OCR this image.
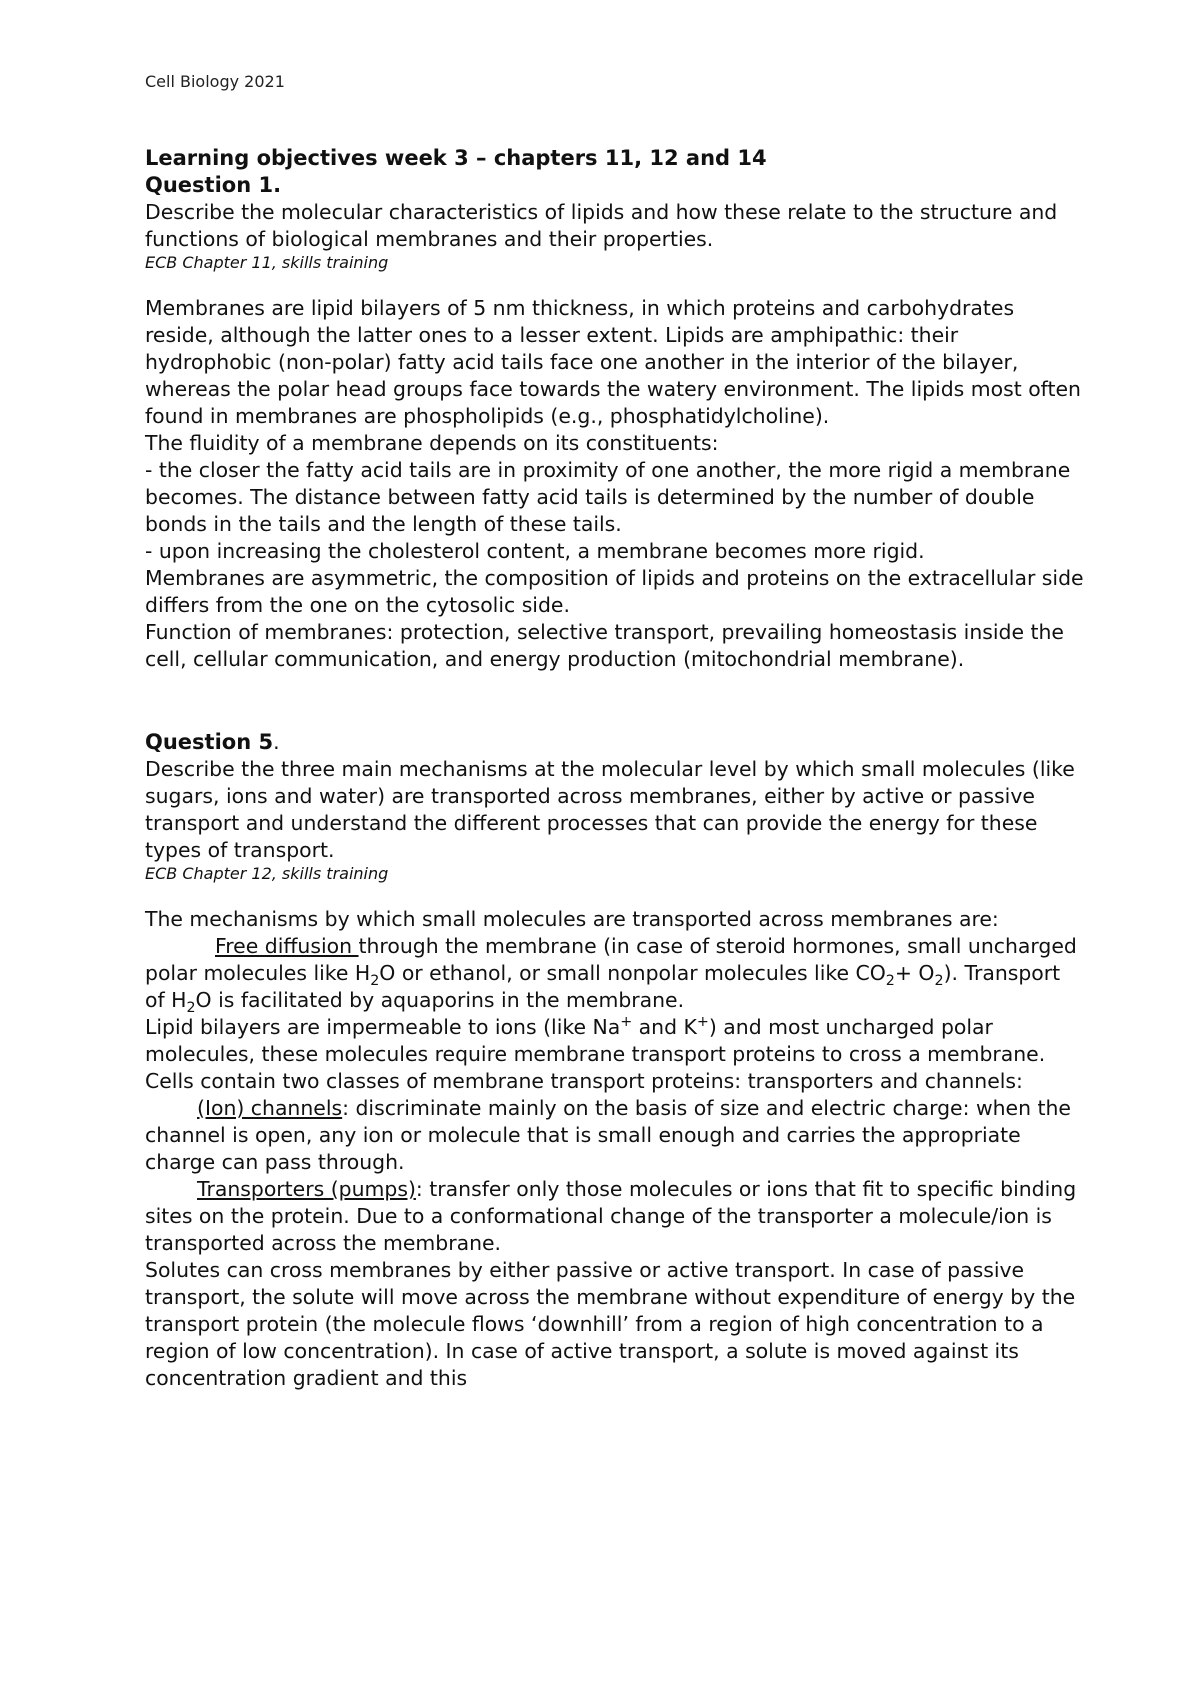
Cell Biology 2021

Learning objectives week 3 – chapters 11, 12 and 14

Question 1.

Describe the molecular characteristics of lipids and how these relate to the structure and functions of biological membranes and their properties.

ECB Chapter 11, skills training

Membranes are lipid bilayers of 5 nm thickness, in which proteins and carbohydrates reside, although the latter ones to a lesser extent. Lipids are amphipathic: their hydrophobic (non-polar) fatty acid tails face one another in the interior of the bilayer, whereas the polar head groups face towards the watery environment. The lipids most often found in membranes are phospholipids (e.g., phosphatidylcholine).

The fluidity of a membrane depends on its constituents:

- the closer the fatty acid tails are in proximity of one another, the more rigid a membrane becomes. The distance between fatty acid tails is determined by the number of double bonds in the tails and the length of these tails.

- upon increasing the cholesterol content, a membrane becomes more rigid.

Membranes are asymmetric, the composition of lipids and proteins on the extracellular side differs from the one on the cytosolic side.

Function of membranes: protection, selective transport, prevailing homeostasis inside the cell, cellular communication, and energy production (mitochondrial membrane).

Question 5.

Describe the three main mechanisms at the molecular level by which small molecules (like sugars, ions and water) are transported across membranes, either by active or passive transport and understand the different processes that can provide the energy for these types of transport.

ECB Chapter 12, skills training

The mechanisms by which small molecules are transported across membranes are:

Free diffusion through the membrane (in case of steroid hormones, small uncharged polar molecules like $H_2O$ or ethanol, or small nonpolar molecules like $CO_2+ O_2$). Transport of $H_2O$ is facilitated by aquaporins in the membrane.

Lipid bilayers are impermeable to ions (like Na+ and K+) and most uncharged polar molecules, these molecules require membrane transport proteins to cross a membrane.

Cells contain two classes of membrane transport proteins: transporters and channels:

(Ion) channels: discriminate mainly on the basis of size and electric charge: when the channel is open, any ion or molecule that is small enough and carries the appropriate charge can pass through.

Transporters (pumps): transfer only those molecules or ions that fit to specific binding sites on the protein. Due to a conformational change of the transporter a molecule/ion is transported across the membrane.

Solutes can cross membranes by either passive or active transport. In case of passive transport, the solute will move across the membrane without expenditure of energy by the transport protein (the molecule flows ‘downhill’ from a region of high concentration to a region of low concentration). In case of active transport, a solute is moved against its concentration gradient and this
